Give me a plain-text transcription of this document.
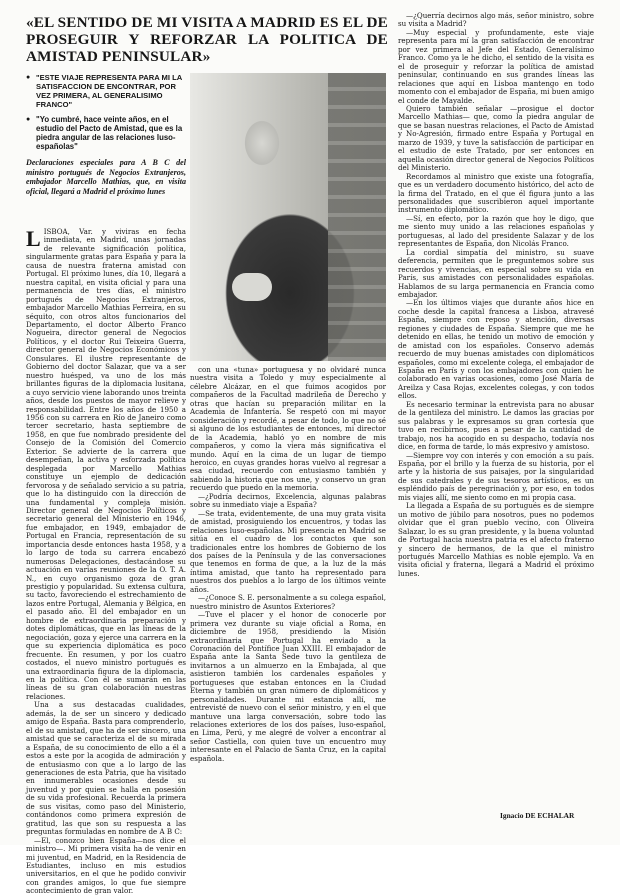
«EL SENTIDO DE MI VISITA A MADRID ES EL DE PROSEGUIR Y REFORZAR LA POLITICA DE AMISTAD PENINSULAR»
● "ESTE VIAJE REPRESENTA PARA MI LA SATISFACCION DE ENCONTRAR, POR VEZ PRIMERA, AL GENERALISIMO FRANCO"
● "Yo cumbré, hace veinte años, en el estudio del Pacto de Amistad, que es la piedra angular de las relaciones luso-españolas"

Declaraciones especiales para A B C del ministro portugués de Negocios Extranjeros, embajador Marcello Mathias, que, en visita oficial, llegará a Madrid el próximo lunes

LISBOA, Var. y viviras en fecha inmediata, en Madrid, unas jornadas de relevante significación política, singularmente gratas para España y para la causa de nuestra fraterna amistad con Portugal. El próximo lunes, día 10, llegará a nuestra capital, en visita oficial y para una permanencia de tres días, el ministro portugués de Negocios Extranjeros, embajador Marcello Mathias Ferreira, en su séquito, con otros altos funcionarios del Departamento, el doctor Alberto Franco Nogueira, director general de Negocios Políticos, y el doctor Rui Teixeira Guerra, director general de Negocios Económicos y Consulares. El ilustre representante de Gobierno del doctor Salazar, que va a ser nuestro huésped, va uno de los más brillantes figuras de la diplomacia lusitana, a cuyo servicio viene laborando unos treinta años, desde los puestos de mayor relieve y responsabilidad. Entre los años de 1950 a 1956 con su carrera en Río de Janeiro como tercer secretario, hasta septiembre de 1958, en que fue nombrado presidente del Consejo de la Comisión del Comercio Exterior. Se advierte de la carrera que desempeñan, la activa y esforzada política desplegada por Marcello Mathias constituye un ejemplo de dedicación fervorosa y de señalado servicio a su patria, que lo ha distinguido con la dirección de una fundamental y compleja misión. Director general de Negocios Políticos y secretario general del Ministerio en 1946, fue embajador, en 1949, embajador de Portugal en Francia, representación de su importancia desde entonces hasta 1958, y a lo largo de toda su carrera encabezó numerosas Delegaciones, destacándose su actuación en varias reuniones de la O. T. A. N., en cuyo organismo goza de gran prestigio y popularidad. Su extensa cultura, su tacto, favoreciendo el estrechamiento de lazos entre Portugal, Alemania y Bélgica, en el pasado año. El del embajador en un hombre de extraordinaria preparación y dotes diplomáticas, que en las líneas de la negociación, goza y ejerce una carrera en la que su experiencia diplomática es poco frecuente. En resumen, y por los cuatro costados, el nuevo ministro portugués es una extraordinaria figura de la diplomacia, en la política. Con él se sumarán en las líneas de su gran colaboración nuestras relaciones.

Una a sus destacadas cualidades, además, la de ser un sincero y dedicado amigo de España. Basta para comprenderlo, el de su amistad, que ha de ser sincero, una amistad que se caracteriza el de su mirada a España, de su conocimiento de ello a él a estos a este por la acogida de admiración y de entusiasmo con que a lo largo de las generaciones de esta Patria, que ha visitado en innumerables ocasiones desde su juventud y por quien se halla en posesión de su vida profesional. Recuerda la primera de sus visitas, como paso del Ministerio, contándonos como primera expresión de gratitud, las que son su respuesta a las preguntas formuladas en nombre de A B C:

—El, conozco bien España—nos dice el ministro—. Mi primera visita ha de venir en mi juventud, en Madrid, en la Residencia de Estudiantes, incluso en mis estudios universitarios, en el que he podido convivir con grandes amigos, lo que fue siempre acontecimiento de gran valor.

con una «tuna» portuguesa y no olvidaré nunca nuestra visita a Toledo y muy especialmente al célebre Alcázar, en el que fuimos acogidos por compañeros de la Facultad madrileña de Derecho y otras que hacían su preparación militar en la Academia de Infantería. Se respetó con mi mayor consideración y recordé, a pesar de todo, lo que no sé si alguno de los estudiantes de entonces, mi director de la Academia, habló yo en nombre de mis compañeros, y como la viera más significativa el mundo. Aquí en la cima de un lugar de tiempo heroico, en cuyas grandes horas vuelvo al regresar a esa ciudad, recuerdo con entusiasmo también y sabiendo la historia que nos une, y conservo un gran recuerdo que puedo en la memoria.

—¿Podría decirnos, Excelencia, algunas palabras sobre su inmediato viaje a España?

—Se trata, evidentemente, de una muy grata visita de amistad, prosiguiendo los encuentros, y todas las relaciones luso-españolas. Mi presencia en Madrid se sitúa en el cuadro de los contactos que son tradicionales entre los hombres de Gobierno de los dos países de la Península y de las conversaciones que tenemos en forma de que, a la luz de la más íntima amistad, que tanto ha representado para nuestros dos pueblos a lo largo de los últimos veinte años.

—¿Conoce S. E. personalmente a su colega español, nuestro ministro de Asuntos Exteriores?

—Tuve el placer y el honor de conocerle por primera vez durante su viaje oficial a Roma, en diciembre de 1958, presidiendo la Misión extraordinaria que Portugal ha enviado a la Coronación del Pontífice Juan XXIII. El embajador de España ante la Santa Sede tuvo la gentileza de invitarnos a un almuerzo en la Embajada, al que asistieron también los cardenales españoles y portugueses que estaban entonces en la Ciudad Eterna y también un gran número de diplomáticos y personalidades. Durante mi estancia allí, me entrevisté de nuevo con el señor ministro, y en el que mantuve una larga conversación, sobre todo las relaciones exteriores de los dos países, luso-español, en Lima, Perú, y me alegré de volver a encontrar al señor Castiella, con quien tuve un encuentro muy interesante en el Palacio de Santa Cruz, en la capital española.

—¿Querría decirnos algo más, señor ministro, sobre su visita a Madrid?

—Muy especial y profundamente, este viaje representa para mí la gran satisfacción de encontrar por vez primera al Jefe del Estado, Generalísimo Franco. Como ya le he dicho, el sentido de la visita es el de proseguir y reforzar la política de amistad peninsular, continuando en sus grandes líneas las relaciones que aquí en Lisboa mantengo en todo momento con el embajador de España, mi buen amigo el conde de Mayalde.

Quiero también señalar —prosigue el doctor Marcello Mathias— que, como la piedra angular de que se basan nuestras relaciones, el Pacto de Amistad y No-Agresión, firmado entre España y Portugal en marzo de 1939, y tuve la satisfacción de participar en el estudio de este Tratado, por ser entonces en aquella ocasión director general de Negocios Políticos del Ministerio.

Recordamos al ministro que existe una fotografía, que es un verdadero documento histórico, del acto de la firma del Tratado, en el que él figura junto a las personalidades que suscribieron aquel importante instrumento diplomático.

—Sí, en efecto, por la razón que hoy le digo, que me siento muy unido a las relaciones españolas y portuguesas, al lado del presidente Salazar y de los representantes de España, don Nicolás Franco.

La cordial simpatía del ministro, su suave deferencia, permiten que le preguntemos sobre sus recuerdos y vivencias, en especial sobre su vida en París, sus amistades con personalidades españolas. Hablamos de su larga permanencia en Francia como embajador.

—En los últimos viajes que durante años hice en coche desde la capital francesa a Lisboa, atravesé España, siempre con reposo y atención, diversas regiones y ciudades de España. Siempre que me he detenido en ellas, he tenido un motivo de emoción y de amistad con los españoles. Conservo además recuerdo de muy buenas amistades con diplomáticos españoles, como mi excelente colega, el embajador de España en París y con los embajadores con quien he colaborado en varias ocasiones, como José María de Areilza y Casa Rojas, excelentes colegas, y con todos ellos.

Es necesario terminar la entrevista para no abusar de la gentileza del ministro. Le damos las gracias por sus palabras y le expresamos su gran cortesía que tuvo en recibirnos, pues a pesar de la cantidad de trabajo, nos ha acogido en su despacho, todavía nos dice, en forma de tarde, lo más expresivo y amistoso.

—Siempre voy con interés y con emoción a su país. España, por el brillo y la fuerza de su historia, por el arte y la historia de sus paisajes, por la singularidad de sus catedrales y de sus tesoros artísticos, es un espléndido país de peregrinación y, por eso, en todos mis viajes allí, me siento como en mi propia casa.

La llegada a España de su portugués es de siempre un motivo de júbilo para nosotros, pues no podemos olvidar que el gran pueblo vecino, con Oliveira Salazar, lo es su gran presidente, y la buena voluntad de Portugal hacia nuestra patria es el afecto fraterno y sincero de hermanos, de la que el ministro portugués Marcello Mathias es noble ejemplo. Va en visita oficial y fraterna, llegará a Madrid el próximo lunes.

Ignacio DE ECHALAR
